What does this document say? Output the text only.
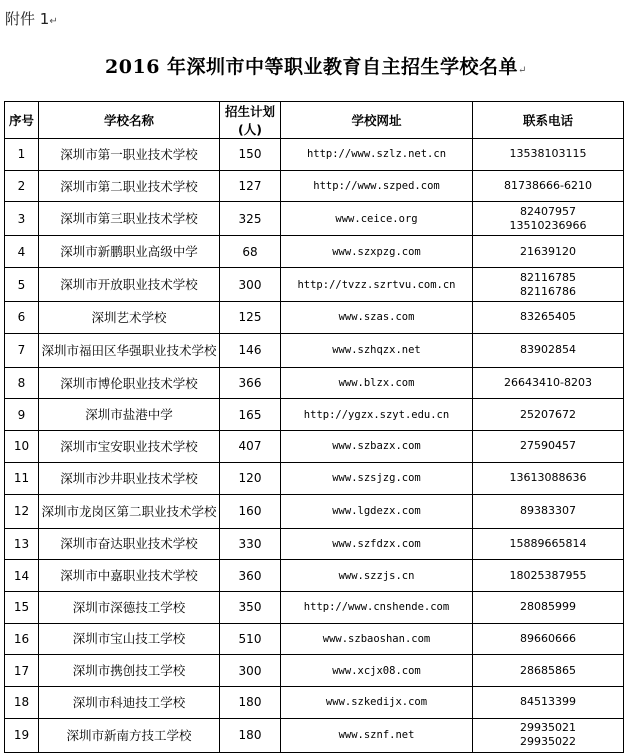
附件 1↵
2016 年深圳市中等职业教育自主招生学校名单↵
序号	学校名称	招生计划(人)	学校网址	联系电话
1	深圳市第一职业技术学校	150	http://www.szlz.net.cn	13538103115
2	深圳市第二职业技术学校	127	http://www.szped.com	81738666-6210
3	深圳市第三职业技术学校	325	www.ceice.org	82407957
13510236966
4	深圳市新鹏职业高级中学	68	www.szxpzg.com	21639120
5	深圳市开放职业技术学校	300	http://tvzz.szrtvu.com.cn	82116785
82116786
6	深圳艺术学校	125	www.szas.com	83265405
7	深圳市福田区华强职业技术学校	146	www.szhqzx.net	83902854
8	深圳市博伦职业技术学校	366	www.blzx.com	26643410-8203
9	深圳市盐港中学	165	http://ygzx.szyt.edu.cn	25207672
10	深圳市宝安职业技术学校	407	www.szbazx.com	27590457
11	深圳市沙井职业技术学校	120	www.szsjzg.com	13613088636
12	深圳市龙岗区第二职业技术学校	160	www.lgdezx.com	89383307
13	深圳市奋达职业技术学校	330	www.szfdzx.com	15889665814
14	深圳市中嘉职业技术学校	360	www.szzjs.cn	18025387955
15	深圳市深德技工学校	350	http://www.cnshende.com	28085999
16	深圳市宝山技工学校	510	www.szbaoshan.com	89660666
17	深圳市携创技工学校	300	www.xcjx08.com	28685865
18	深圳市科迪技工学校	180	www.szkedijx.com	84513399
19	深圳市新南方技工学校	180	www.sznf.net	29935021
29935022
